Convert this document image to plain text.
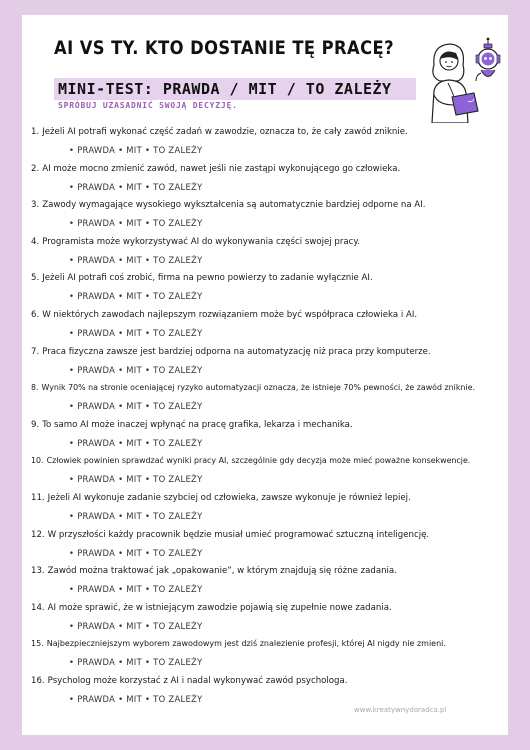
AI VS TY. KTO DOSTANIE TĘ PRACĘ?
MINI-TEST: PRAWDA / MIT / TO ZALEŻY
SPRÓBUJ UZASADNIĆ SWOJĄ DECYZJĘ.
1. Jeżeli AI potrafi wykonać część zadań w zawodzie, oznacza to, że cały zawód zniknie.
• PRAWDA • MIT • TO ZALEŻY
2. AI może mocno zmienić zawód, nawet jeśli nie zastąpi wykonującego go człowieka.
• PRAWDA • MIT • TO ZALEŻY
3. Zawody wymagające wysokiego wykształcenia są automatycznie bardziej odporne na AI.
• PRAWDA • MIT • TO ZALEŻY
4. Programista może wykorzystywać AI do wykonywania części swojej pracy.
• PRAWDA • MIT • TO ZALEŻY
5. Jeżeli AI potrafi coś zrobić, firma na pewno powierzy to zadanie wyłącznie AI.
• PRAWDA • MIT • TO ZALEŻY
6. W niektórych zawodach najlepszym rozwiązaniem może być współpraca człowieka i AI.
• PRAWDA • MIT • TO ZALEŻY
7. Praca fizyczna zawsze jest bardziej odporna na automatyzację niż praca przy komputerze.
• PRAWDA • MIT • TO ZALEŻY
8. Wynik 70% na stronie oceniającej ryzyko automatyzacji oznacza, że istnieje 70% pewności, że zawód zniknie.
• PRAWDA • MIT • TO ZALEŻY
9. To samo AI może inaczej wpłynąć na pracę grafika, lekarza i mechanika.
• PRAWDA • MIT • TO ZALEŻY
10. Człowiek powinien sprawdzać wyniki pracy AI, szczególnie gdy decyzja może mieć poważne konsekwencje.
• PRAWDA • MIT • TO ZALEŻY
11. Jeżeli AI wykonuje zadanie szybciej od człowieka, zawsze wykonuje je również lepiej.
• PRAWDA • MIT • TO ZALEŻY
12. W przyszłości każdy pracownik będzie musiał umieć programować sztuczną inteligencję.
• PRAWDA • MIT • TO ZALEŻY
13. Zawód można traktować jak „opakowanie”, w którym znajdują się różne zadania.
• PRAWDA • MIT • TO ZALEŻY
14. AI może sprawić, że w istniejącym zawodzie pojawią się zupełnie nowe zadania.
• PRAWDA • MIT • TO ZALEŻY
15. Najbezpieczniejszym wyborem zawodowym jest dziś znalezienie profesji, której AI nigdy nie zmieni.
• PRAWDA • MIT • TO ZALEŻY
16. Psycholog może korzystać z AI i nadal wykonywać zawód psychologa.
• PRAWDA • MIT • TO ZALEŻY
www.kreatywnydoradca.pl
